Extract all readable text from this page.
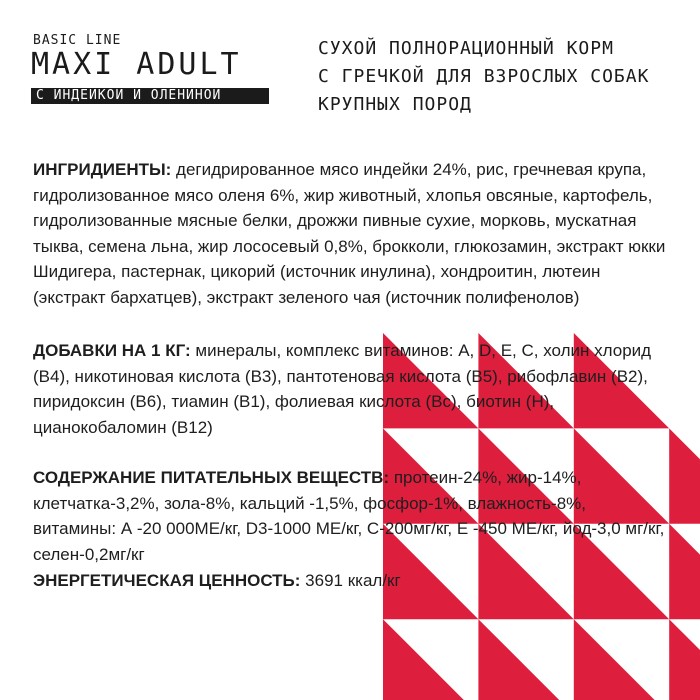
BASIC LINE
MAXI ADULT
С ИНДЕЙКОЙ И ОЛЕНИНОЙ
СУХОЙ ПОЛНОРАЦИОННЫЙ КОРМ
С ГРЕЧКОЙ ДЛЯ ВЗРОСЛЫХ СОБАК
КРУПНЫХ ПОРОД
ИНГРИДИЕНТЫ: дегидрированное мясо индейки 24%, рис, гречневая крупа, гидролизованное мясо оленя 6%, жир животный, хлопья овсяные, картофель, гидролизованные мясные белки, дрожжи пивные сухие, морковь, мускатная тыква, семена льна, жир лососевый 0,8%, брокколи, глюкозамин, экстракт юкки Шидигера, пастернак, цикорий (источник инулина), хондроитин, лютеин (экстракт бархатцев), экстракт зеленого чая (источник полифенолов)
ДОБАВКИ НА 1 КГ: минералы, комплекс витаминов: A, D, E, C, холин хлорид (B4), никотиновая кислота (B3), пантотеновая кислота (B5), рибофлавин (B2), пиридоксин (B6), тиамин (B1), фолиевая кислота (Bc), биотин (H), цианокобаломин (B12)
СОДЕРЖАНИЕ ПИТАТЕЛЬНЫХ ВЕЩЕСТВ: протеин-24%, жир-14%, клетчатка-3,2%, зола-8%, кальций -1,5%, фосфор-1%, влажность-8%, витамины: А -20 000МЕ/кг, D3-1000 МЕ/кг, С-200мг/кг, Е -450 МЕ/кг, йод-3,0 мг/кг, селен-0,2мг/кг
ЭНЕРГЕТИЧЕСКАЯ ЦЕННОСТЬ: 3691 ккал/кг
